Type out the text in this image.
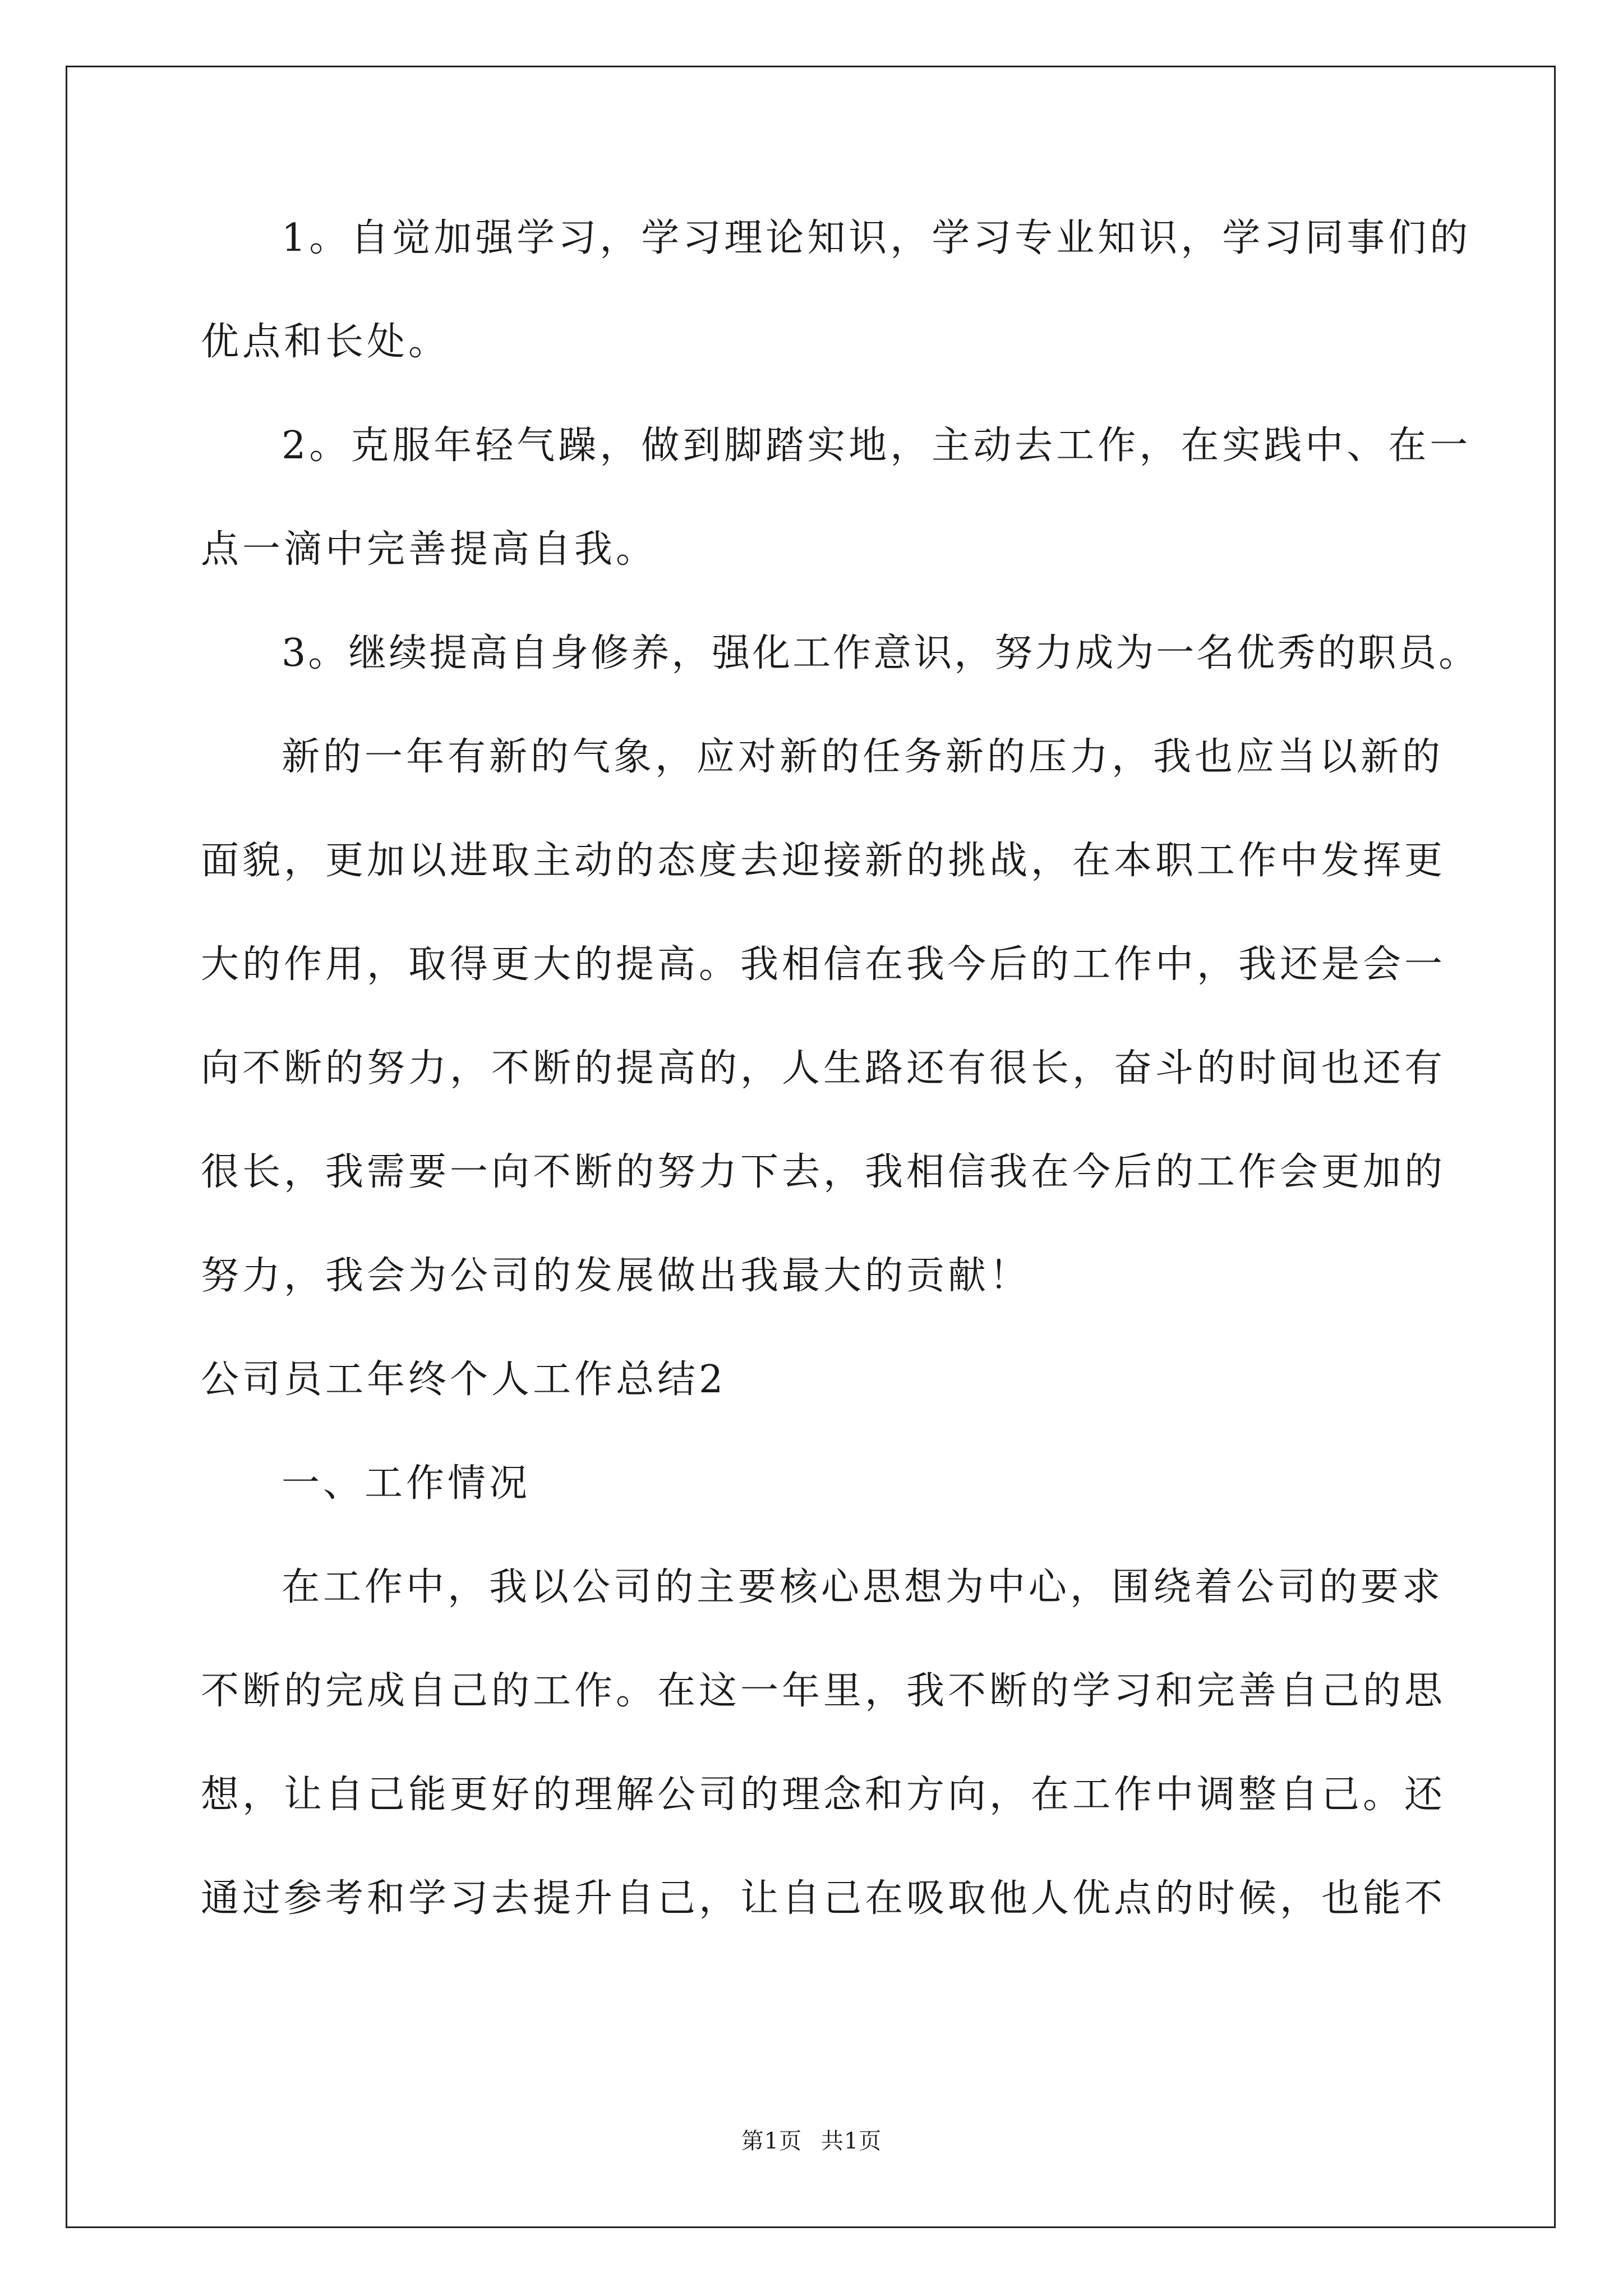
1。自觉加强学习，学习理论知识，学习专业知识，学习同事们的
优点和长处。
2。克服年轻气躁，做到脚踏实地，主动去工作，在实践中、在一
点一滴中完善提高自我。
3。继续提高自身修养，强化工作意识，努力成为一名优秀的职员。
新的一年有新的气象，应对新的任务新的压力，我也应当以新的
面貌，更加以进取主动的态度去迎接新的挑战，在本职工作中发挥更
大的作用，取得更大的提高。我相信在我今后的工作中，我还是会一
向不断的努力，不断的提高的，人生路还有很长，奋斗的时间也还有
很长，我需要一向不断的努力下去，我相信我在今后的工作会更加的
努力，我会为公司的发展做出我最大的贡献！
公司员工年终个人工作总结2
一、工作情况
在工作中，我以公司的主要核心思想为中心，围绕着公司的要求
不断的完成自己的工作。在这一年里，我不断的学习和完善自己的思
想，让自己能更好的理解公司的理念和方向，在工作中调整自己。还
通过参考和学习去提升自己，让自己在吸取他人优点的时候，也能不
第1页 共1页
